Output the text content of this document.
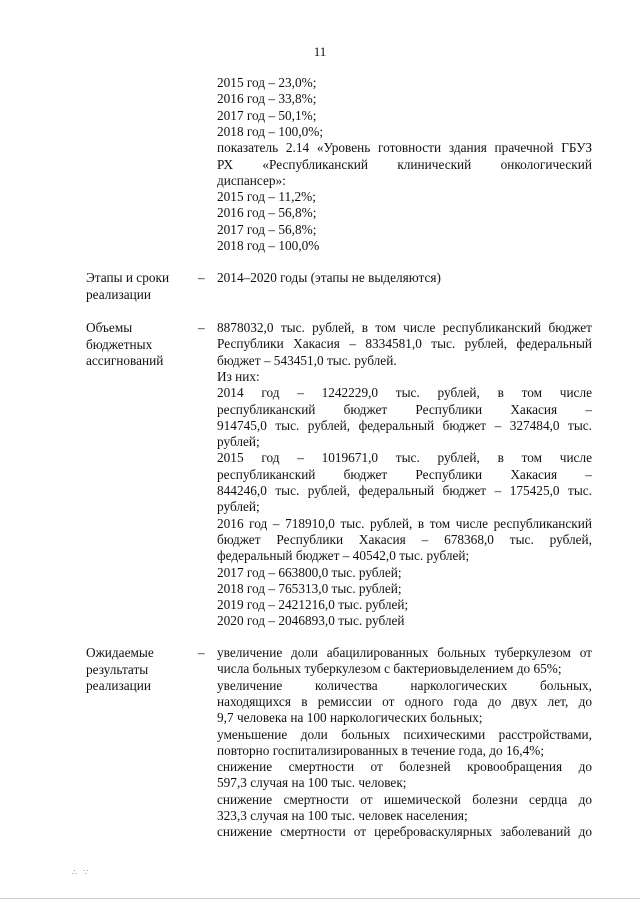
11
2015 год – 23,0%;
2016 год – 33,8%;
2017 год – 50,1%;
2018 год – 100,0%;
показатель 2.14 «Уровень готовности здания прачечной ГБУЗ
РХ «Республиканский клинический онкологический
диспансер»:
2015 год – 11,2%;
2016 год – 56,8%;
2017 год – 56,8%;
2018 год – 100,0%
Этапы и сроки
реализации
– 2014–2020 годы (этапы не выделяются)
Объемы
бюджетных
ассигнований
– 8878032,0 тыс. рублей, в том числе республиканский бюджет
Республики Хакасия – 8334581,0 тыс. рублей, федеральный
бюджет – 543451,0 тыс. рублей.
Из них:
2014 год – 1242229,0 тыс. рублей, в том числе
республиканский бюджет Республики Хакасия –
914745,0 тыс. рублей, федеральный бюджет – 327484,0 тыс.
рублей;
2015 год – 1019671,0 тыс. рублей, в том числе
республиканский бюджет Республики Хакасия –
844246,0 тыс. рублей, федеральный бюджет – 175425,0 тыс.
рублей;
2016 год – 718910,0 тыс. рублей, в том числе республиканский
бюджет Республики Хакасия – 678368,0 тыс. рублей,
федеральный бюджет – 40542,0 тыс. рублей;
2017 год – 663800,0 тыс. рублей;
2018 год – 765313,0 тыс. рублей;
2019 год – 2421216,0 тыс. рублей;
2020 год – 2046893,0 тыс. рублей
Ожидаемые
результаты
реализации
– увеличение доли абацилированных больных туберкулезом от
числа больных туберкулезом с бактериовыделением до 65%;
увеличение количества наркологических больных,
находящихся в ремиссии от одного года до двух лет, до
9,7 человека на 100 наркологических больных;
уменьшение доли больных психическими расстройствами,
повторно госпитализированных в течение года, до 16,4%;
снижение смертности от болезней кровообращения до
597,3 случая на 100 тыс. человек;
снижение смертности от ишемической болезни сердца до
323,3 случая на 100 тыс. человек населения;
снижение смертности от цереброваскулярных заболеваний до
∴ ∵
